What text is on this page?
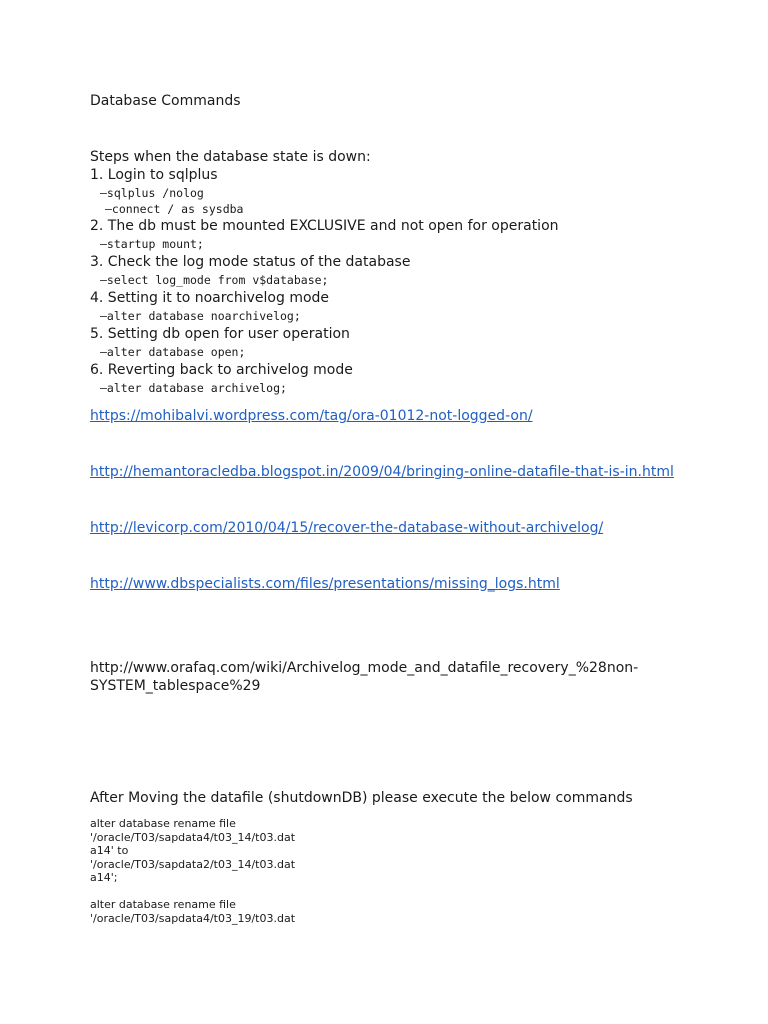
Database Commands
Steps when the database state is down:
1. Login to sqlplus
–sqlplus /nolog
–connect / as sysdba
2. The db must be mounted EXCLUSIVE and not open for operation
–startup mount;
3. Check the log mode status of the database
–select log_mode from v$database;
4. Setting it to noarchivelog mode
–alter database noarchivelog;
5. Setting db open for user operation
–alter database open;
6. Reverting back to archivelog mode
–alter database archivelog;
https://mohibalvi.wordpress.com/tag/ora-01012-not-logged-on/
http://hemantoracledba.blogspot.in/2009/04/bringing-online-datafile-that-is-in.html
http://levicorp.com/2010/04/15/recover-the-database-without-archivelog/
http://www.dbspecialists.com/files/presentations/missing_logs.html
http://www.orafaq.com/wiki/Archivelog_mode_and_datafile_recovery_%28non-
SYSTEM_tablespace%29
After Moving the datafile (shutdownDB) please execute the below commands
alter database rename file
'/oracle/T03/sapdata4/t03_14/t03.dat
a14' to
'/oracle/T03/sapdata2/t03_14/t03.dat
a14';
alter database rename file
'/oracle/T03/sapdata4/t03_19/t03.dat
